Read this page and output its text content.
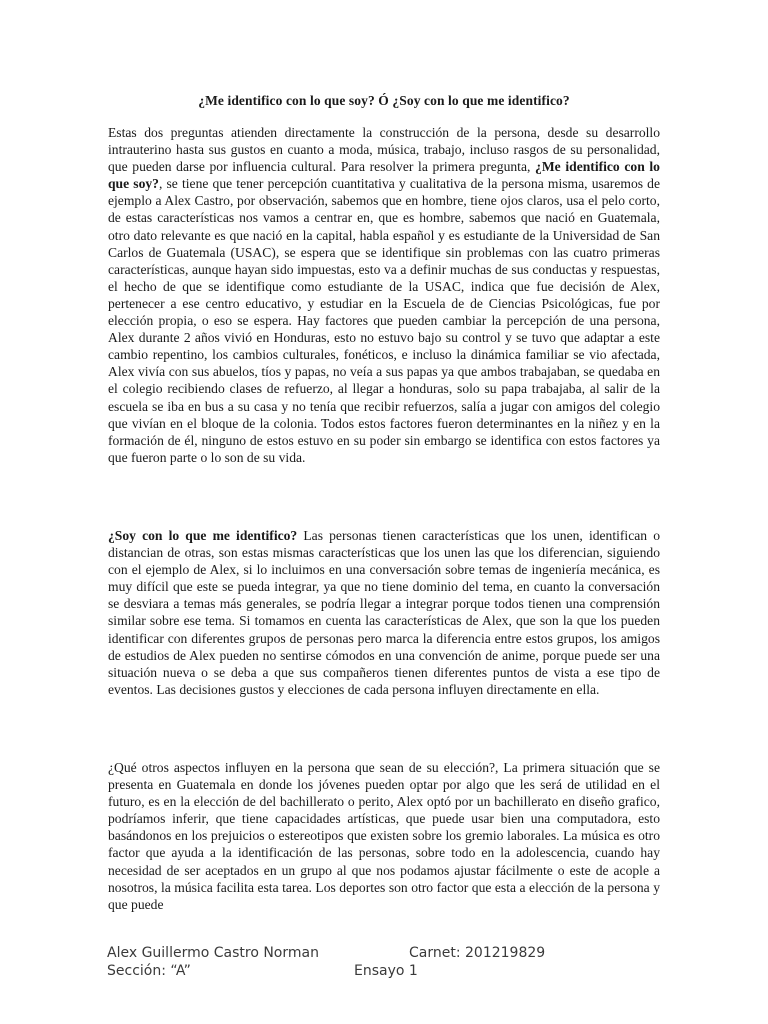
¿Me identifico con lo que soy? Ó ¿Soy con lo que me identifico?
Estas dos preguntas atienden directamente la construcción de la persona, desde su desarrollo intrauterino hasta sus gustos en cuanto a moda, música, trabajo, incluso rasgos de su personalidad, que pueden darse por influencia cultural. Para resolver la primera pregunta, ¿Me identifico con lo que soy?, se tiene que tener percepción cuantitativa y cualitativa de la persona misma, usaremos de ejemplo a Alex Castro, por observación, sabemos que en hombre, tiene ojos claros, usa el pelo corto, de estas características nos vamos a centrar en, que es hombre, sabemos que nació en Guatemala, otro dato relevante es que nació en la capital, habla español y es estudiante de la Universidad de San Carlos de Guatemala (USAC), se espera que se identifique sin problemas con las cuatro primeras características, aunque hayan sido impuestas, esto va a definir muchas de sus conductas y respuestas, el hecho de que se identifique como estudiante de la USAC, indica que fue decisión de Alex, pertenecer a ese centro educativo, y estudiar en la Escuela de de Ciencias Psicológicas, fue por elección propia, o eso se espera. Hay factores que pueden cambiar la percepción de una persona, Alex durante 2 años vivió en Honduras, esto no estuvo bajo su control y se tuvo que adaptar a este cambio repentino, los cambios culturales, fonéticos, e incluso la dinámica familiar se vio afectada, Alex vivía con sus abuelos, tíos y papas, no veía a sus papas ya que ambos trabajaban, se quedaba en el colegio recibiendo clases de refuerzo, al llegar a honduras, solo su papa trabajaba, al salir de la escuela se iba en bus a su casa y no tenía que recibir refuerzos, salía a jugar con amigos del colegio que vivían en el bloque de la colonia. Todos estos factores fueron determinantes en la niñez y en la formación de él, ninguno de estos estuvo en su poder sin embargo se identifica con estos factores ya que fueron parte o lo son de su vida.
¿Soy con lo que me identifico? Las personas tienen características que los unen, identifican o distancian de otras, son estas mismas características que los unen las que los diferencian, siguiendo con el ejemplo de Alex, si lo incluimos en una conversación sobre temas de ingeniería mecánica, es muy difícil que este se pueda integrar, ya que no tiene dominio del tema, en cuanto la conversación se desviara a temas más generales, se podría llegar a integrar porque todos tienen una comprensión similar sobre ese tema. Si tomamos en cuenta las características de Alex, que son la que los pueden identificar con diferentes grupos de personas pero marca la diferencia entre estos grupos, los amigos de estudios de Alex pueden no sentirse cómodos en una convención de anime, porque puede ser una situación nueva o se deba a que sus compañeros tienen diferentes puntos de vista a ese tipo de eventos. Las decisiones gustos y elecciones de cada persona influyen directamente en ella.
¿Qué otros aspectos influyen en la persona que sean de su elección?, La primera situación que se presenta en Guatemala en donde los jóvenes pueden optar por algo que les será de utilidad en el futuro, es en la elección de del bachillerato o perito, Alex optó por un bachillerato en diseño grafico, podríamos inferir, que tiene capacidades artísticas, que puede usar bien una computadora, esto basándonos en los prejuicios o estereotipos que existen sobre los gremio laborales. La música es otro factor que ayuda a la identificación de las personas, sobre todo en la adolescencia, cuando hay necesidad de ser aceptados en un grupo al que nos podamos ajustar fácilmente o este de acople a nosotros, la música facilita esta tarea. Los deportes son otro factor que esta a elección de la persona y que puede
Alex Guillermo Castro Norman	Carnet: 201219829
Sección: “A”	Ensayo 1
